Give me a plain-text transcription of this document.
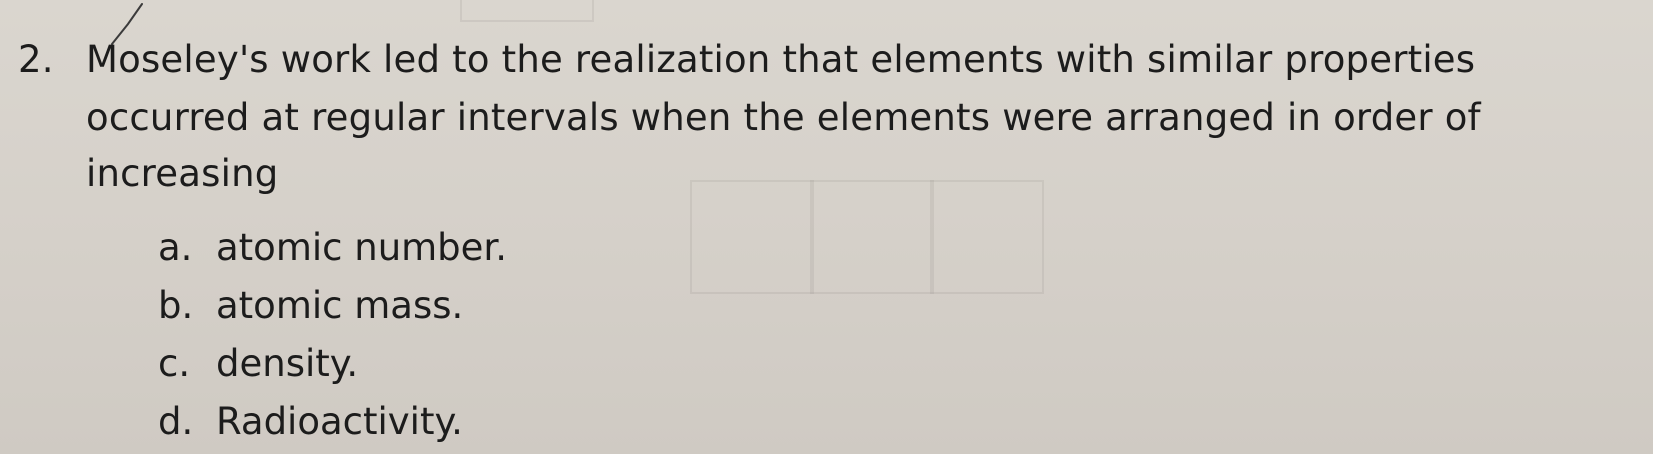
2. Moseley's work led to the realization that elements with similar properties
occurred at regular intervals when the elements were arranged in order of
increasing
a. atomic number.
b. atomic mass.
c. density.
d. Radioactivity.
